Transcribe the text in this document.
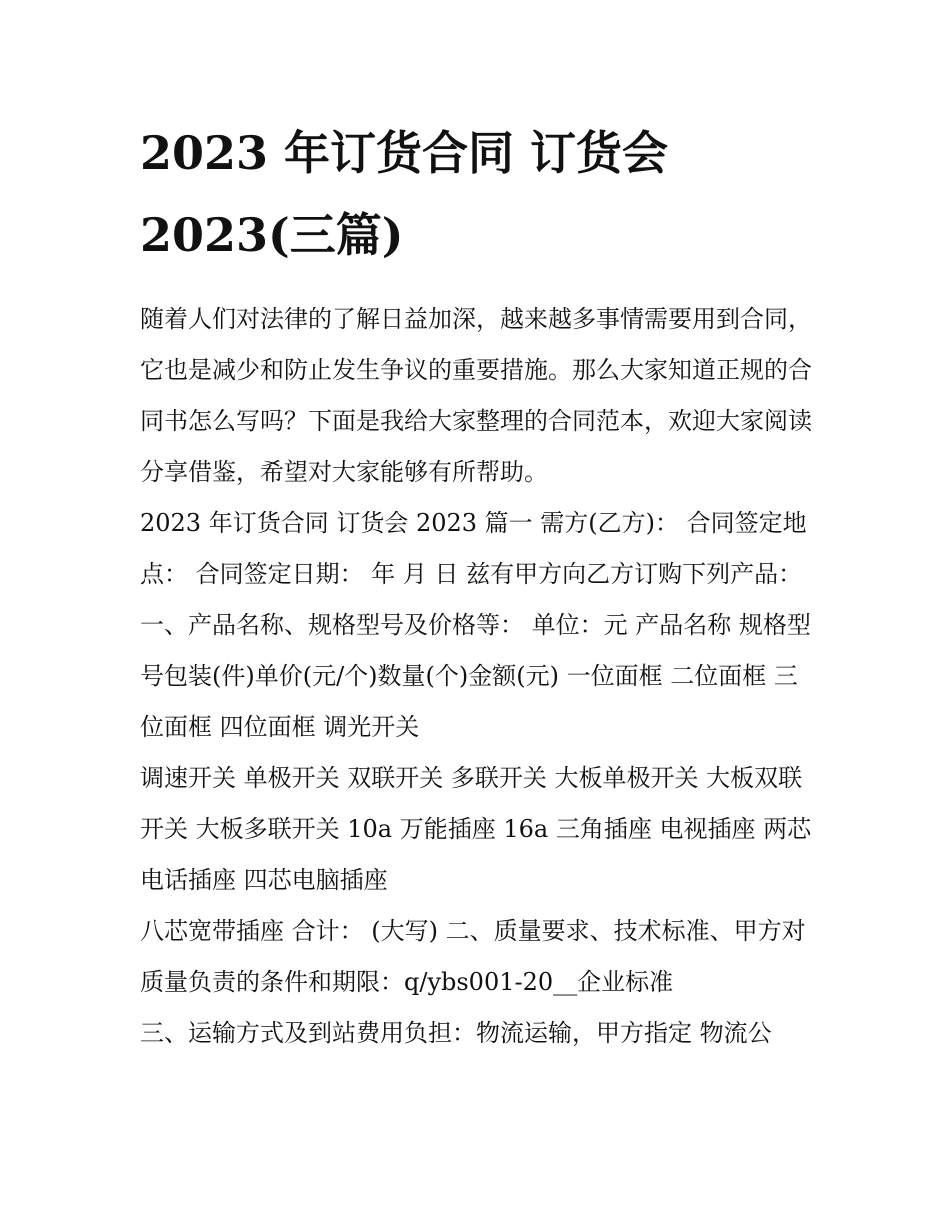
2023 年订货合同 订货会
2023(三篇)

随着人们对法律的了解日益加深，越来越多事情需要用到合同，它也是减少和防止发生争议的重要措施。那么大家知道正规的合同书怎么写吗？下面是我给大家整理的合同范本，欢迎大家阅读分享借鉴，希望对大家能够有所帮助。

2023 年订货合同 订货会 2023 篇一 需方(乙方)： 合同签定地点： 合同签定日期： 年 月 日 兹有甲方向乙方订购下列产品：

一、产品名称、规格型号及价格等： 单位：元 产品名称 规格型号包装(件)单价(元/个)数量(个)金额(元) 一位面框 二位面框 三位面框 四位面框 调光开关

调速开关 单极开关 双联开关 多联开关 大板单极开关 大板双联开关 大板多联开关 10a 万能插座 16a 三角插座 电视插座 两芯电话插座 四芯电脑插座

八芯宽带插座 合计： (大写) 二、质量要求、技术标准、甲方对质量负责的条件和期限：q/ybs001-20__企业标准

三、运输方式及到站费用负担：物流运输，甲方指定 物流公
